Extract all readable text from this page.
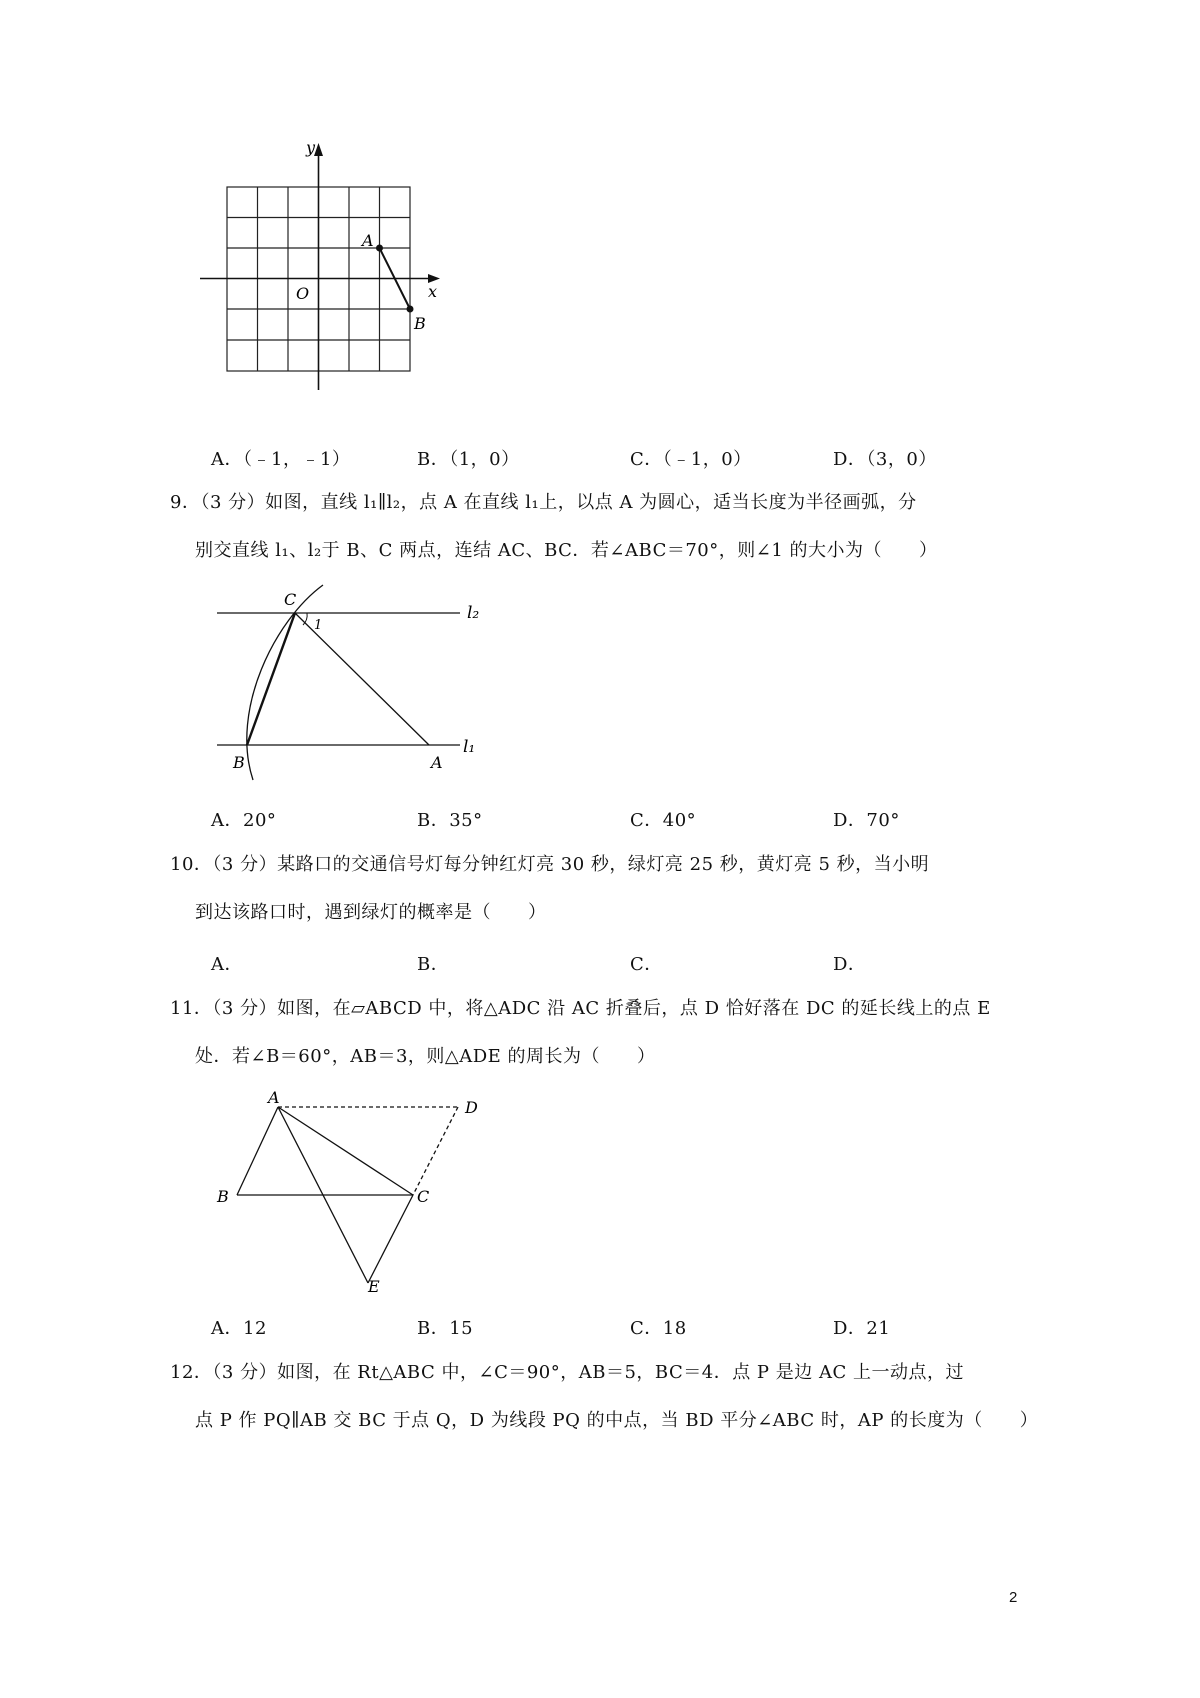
y
x
O
A
B
A．（﹣1，﹣1）	B．（1，0）	C．（﹣1，0）	D．（3，0）
9．（3 分）如图，直线 l₁∥l₂，点 A 在直线 l₁上，以点 A 为圆心，适当长度为半径画弧，分
别交直线 l₁、l₂于 B、C 两点，连结 AC、BC．若∠ABC＝70°，则∠1 的大小为（　　）
C
1
l₂
B	A
l₁
A．20°	B．35°	C．40°	D．70°
10．（3 分）某路口的交通信号灯每分钟红灯亮 30 秒，绿灯亮 25 秒，黄灯亮 5 秒，当小明
到达该路口时，遇到绿灯的概率是（　　）
A．	B．	C．	D．
11．（3 分）如图，在▱ABCD 中，将△ADC 沿 AC 折叠后，点 D 恰好落在 DC 的延长线上的点 E
处．若∠B＝60°，AB＝3，则△ADE 的周长为（　　）
A
D
B	C
E
A．12	B．15	C．18	D．21
12．（3 分）如图，在 Rt△ABC 中，∠C＝90°，AB＝5，BC＝4．点 P 是边 AC 上一动点，过
点 P 作 PQ∥AB 交 BC 于点 Q，D 为线段 PQ 的中点，当 BD 平分∠ABC 时，AP 的长度为（　　）
2
